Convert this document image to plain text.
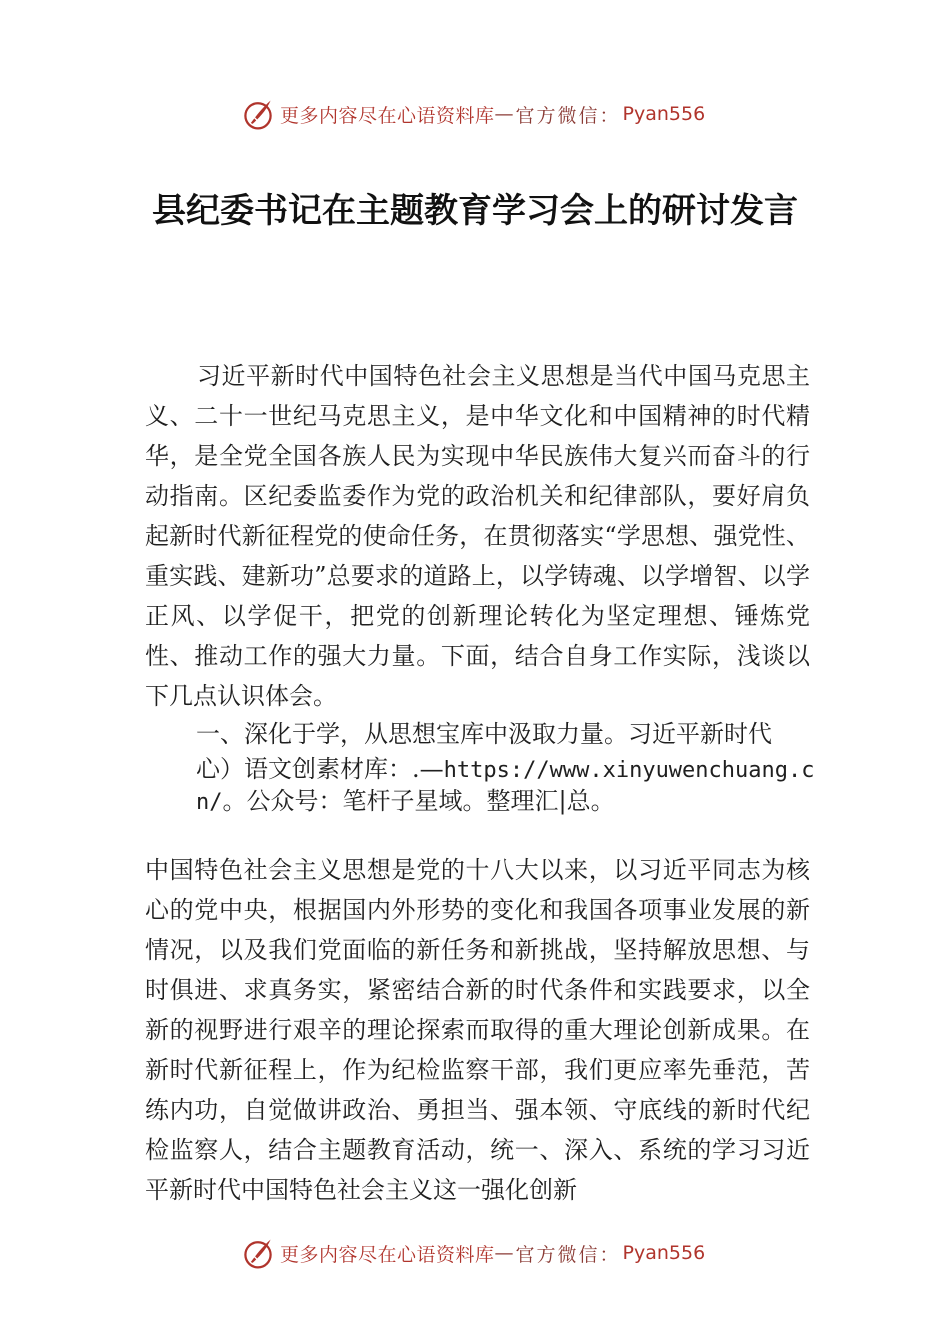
更多内容尽在心语资料库 — 官方微信： Pyan556
县纪委书记在主题教育学习会上的研讨发言

习近平新时代中国特色社会主义思想是当代中国马克思主义、二十一世纪马克思主义，是中华文化和中国精神的时代精华，是全党全国各族人民为实现中华民族伟大复兴而奋斗的行动指南。区纪委监委作为党的政治机关和纪律部队，要好肩负起新时代新征程党的使命任务，在贯彻落实“学思想、强党性、重实践、建新功”总要求的道路上，以学铸魂、以学增智、以学正风、以学促干，把党的创新理论转化为坚定理想、锤炼党性、推动工作的强大力量。下面，结合自身工作实际，浅谈以下几点认识体会。

一、深化于学，从思想宝库中汲取力量。习近平新时代

心）语文创素材库：.—https://www.xinyuwenchuang.cn/。公众号：笔杆子星域。整理汇|总。

中国特色社会主义思想是党的十八大以来，以习近平同志为核心的党中央，根据国内外形势的变化和我国各项事业发展的新情况，以及我们党面临的新任务和新挑战，坚持解放思想、与时俱进、求真务实，紧密结合新的时代条件和实践要求，以全新的视野进行艰辛的理论探索而取得的重大理论创新成果。在新时代新征程上，作为纪检监察干部，我们更应率先垂范，苦练内功，自觉做讲政治、勇担当、强本领、守底线的新时代纪检监察人，结合主题教育活动，统一、深入、系统的学习习近平新时代中国特色社会主义这一强化创新

更多内容尽在心语资料库 — 官方微信： Pyan556
